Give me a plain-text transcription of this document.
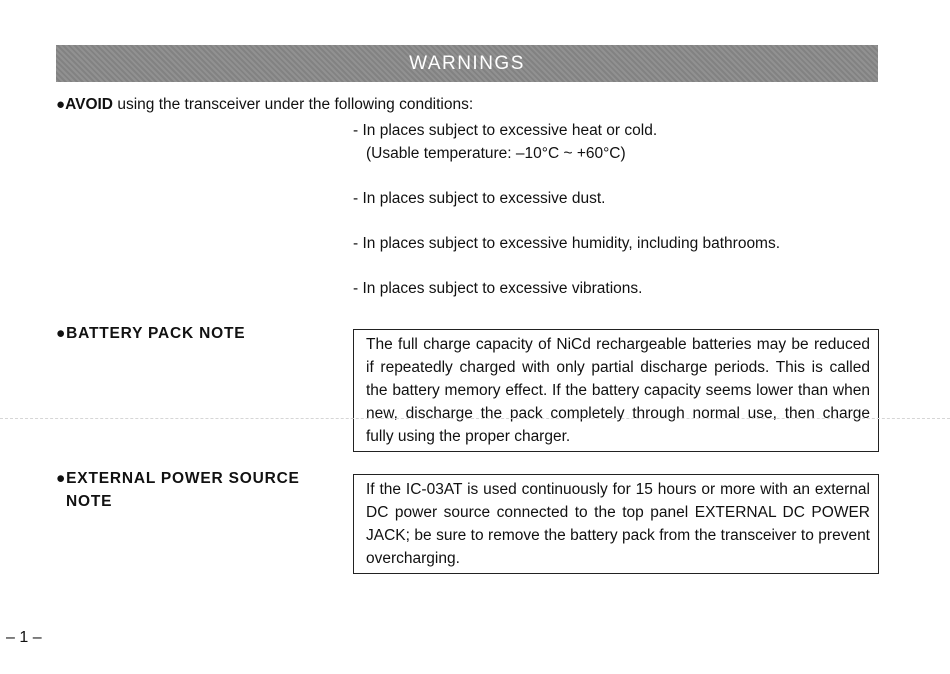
WARNINGS
●AVOID using the transceiver under the following conditions:
- In places subject to excessive heat or cold.
(Usable temperature: –10°C ~ +60°C)
- In places subject to excessive dust.
- In places subject to excessive humidity, including bathrooms.
- In places subject to excessive vibrations.
●BATTERY PACK NOTE
The full charge capacity of NiCd rechargeable batteries may be reduced if repeatedly charged with only partial discharge periods. This is called the battery memory effect. If the battery capacity seems lower than when new, discharge the pack completely through normal use, then charge fully using the proper charger.
●EXTERNAL POWER SOURCE
NOTE
If the IC-03AT is used continuously for 15 hours or more with an external DC power source connected to the top panel EXTERNAL DC POWER JACK; be sure to remove the battery pack from the transceiver to prevent overcharging.
– 1 –
